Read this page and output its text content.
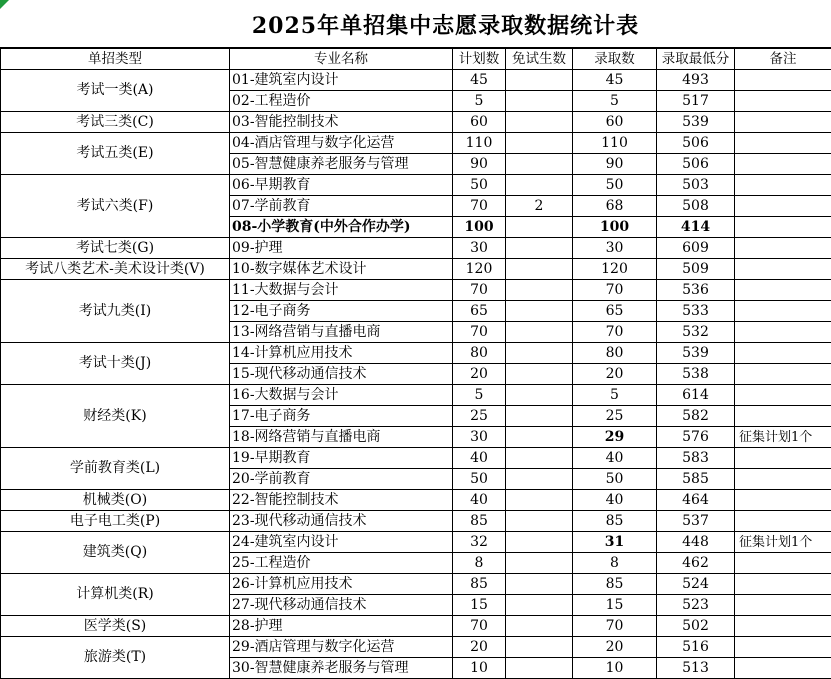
2025年单招集中志愿录取数据统计表
单招类型	专业名称	计划数	免试生数	录取数	录取最低分	备注
考试一类(A)	01-建筑室内设计	45		45	493	
	02-工程造价	5		5	517	
考试三类(C)	03-智能控制技术	60		60	539	
考试五类(E)	04-酒店管理与数字化运营	110		110	506	
	05-智慧健康养老服务与管理	90		90	506	
考试六类(F)	06-早期教育	50		50	503	
	07-学前教育	70	2	68	508	
	08-小学教育(中外合作办学)	100		100	414	
考试七类(G)	09-护理	30		30	609	
考试八类艺术-美术设计类(V)	10-数字媒体艺术设计	120		120	509	
考试九类(I)	11-大数据与会计	70		70	536	
	12-电子商务	65		65	533	
	13-网络营销与直播电商	70		70	532	
考试十类(J)	14-计算机应用技术	80		80	539	
	15-现代移动通信技术	20		20	538	
财经类(K)	16-大数据与会计	5		5	614	
	17-电子商务	25		25	582	
	18-网络营销与直播电商	30		29	576	征集计划1个
学前教育类(L)	19-早期教育	40		40	583	
	20-学前教育	50		50	585	
机械类(O)	22-智能控制技术	40		40	464	
电子电工类(P)	23-现代移动通信技术	85		85	537	
建筑类(Q)	24-建筑室内设计	32		31	448	征集计划1个
	25-工程造价	8		8	462	
计算机类(R)	26-计算机应用技术	85		85	524	
	27-现代移动通信技术	15		15	523	
医学类(S)	28-护理	70		70	502	
旅游类(T)	29-酒店管理与数字化运营	20		20	516	
	30-智慧健康养老服务与管理	10		10	513	
